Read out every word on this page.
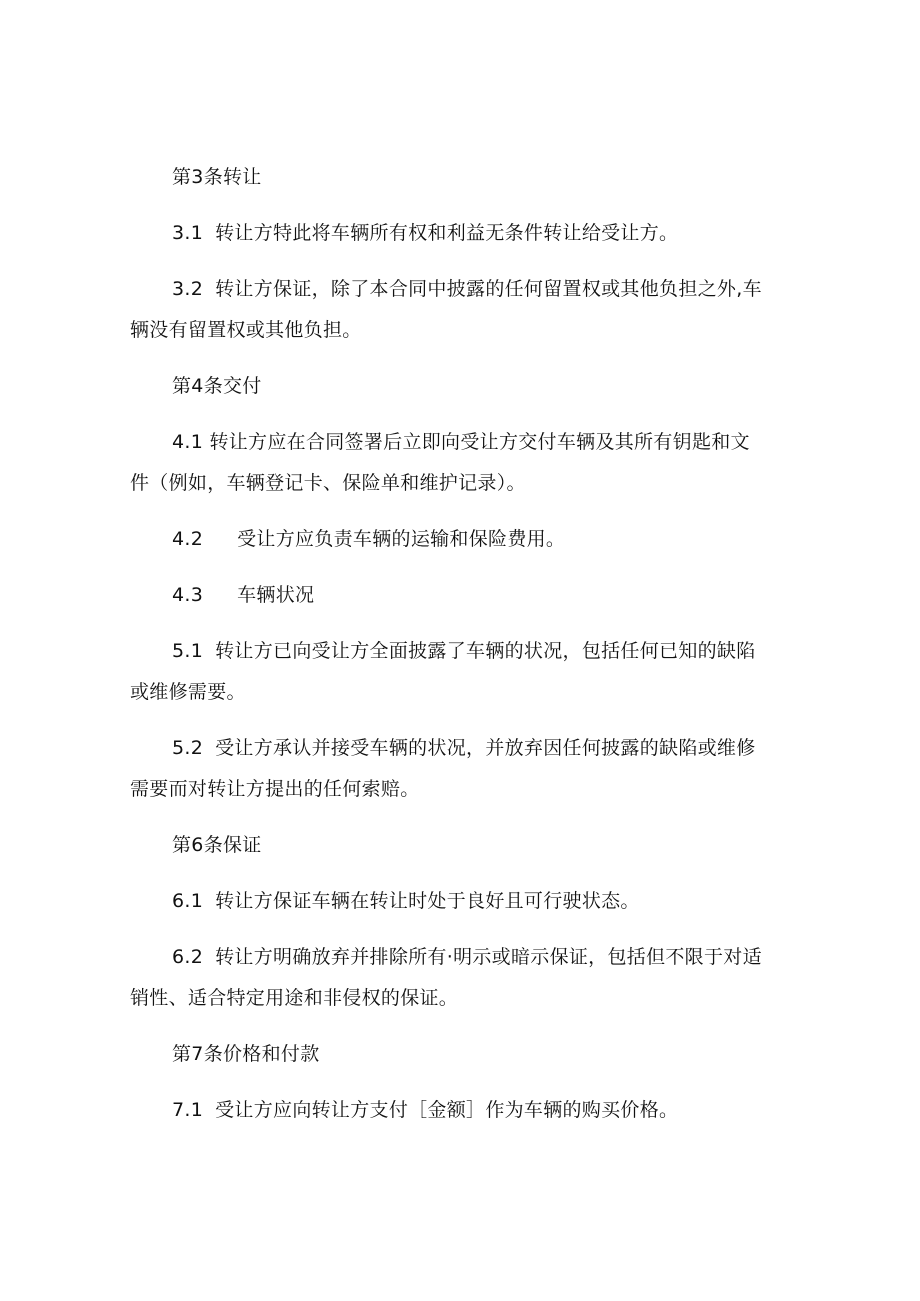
第3条转让
3.1 转让方特此将车辆所有权和利益无条件转让给受让方。
3.2 转让方保证，除了本合同中披露的任何留置权或其他负担之外,车
辆没有留置权或其他负担。
第4条交付
4.1 转让方应在合同签署后立即向受让方交付车辆及其所有钥匙和文
件（例如，车辆登记卡、保险单和维护记录）。
4.2 受让方应负责车辆的运输和保险费用。
4.3 车辆状况
5.1 转让方已向受让方全面披露了车辆的状况，包括任何已知的缺陷
或维修需要。
5.2 受让方承认并接受车辆的状况，并放弃因任何披露的缺陷或维修
需要而对转让方提出的任何索赔。
第6条保证
6.1 转让方保证车辆在转让时处于良好且可行驶状态。
6.2 转让方明确放弃并排除所有·明示或暗示保证，包括但不限于对适
销性、适合特定用途和非侵权的保证。
第7条价格和付款
7.1 受让方应向转让方支付［金额］作为车辆的购买价格。
